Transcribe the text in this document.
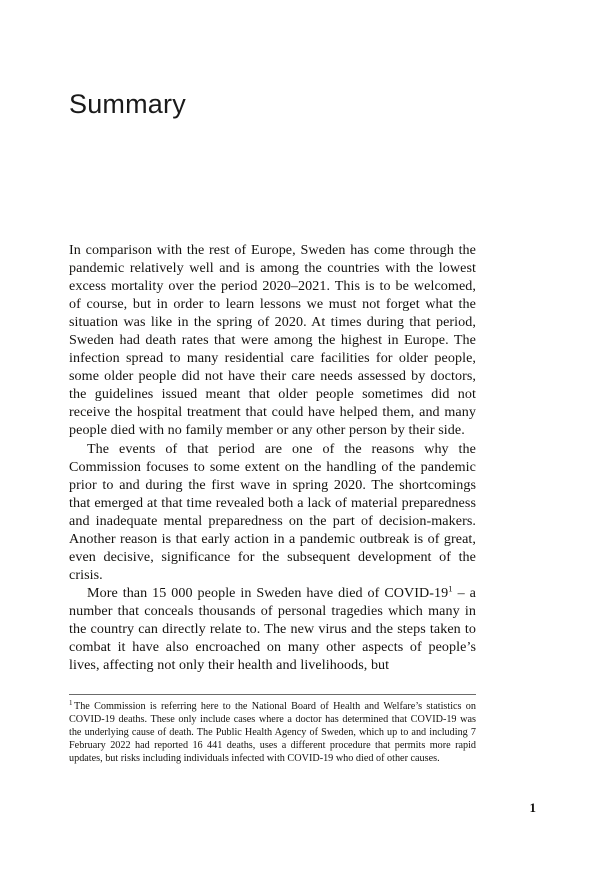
Summary

In comparison with the rest of Europe, Sweden has come through the pandemic relatively well and is among the countries with the lowest excess mortality over the period 2020–2021. This is to be welcomed, of course, but in order to learn lessons we must not forget what the situation was like in the spring of 2020. At times during that period, Sweden had death rates that were among the highest in Europe. The infection spread to many residential care facilities for older people, some older people did not have their care needs assessed by doctors, the guidelines issued meant that older people sometimes did not receive the hospital treatment that could have helped them, and many people died with no family member or any other person by their side.

The events of that period are one of the reasons why the Commission focuses to some extent on the handling of the pandemic prior to and during the first wave in spring 2020. The shortcomings that emerged at that time revealed both a lack of material preparedness and inadequate mental preparedness on the part of decision-makers. Another reason is that early action in a pandemic outbreak is of great, even decisive, significance for the subsequent development of the crisis.

More than 15 000 people in Sweden have died of COVID-19$^1$ – a number that conceals thousands of personal tragedies which many in the country can directly relate to. The new virus and the steps taken to combat it have also encroached on many other aspects of people’s lives, affecting not only their health and livelihoods, but

$^1$ The Commission is referring here to the National Board of Health and Welfare’s statistics on COVID-19 deaths. These only include cases where a doctor has determined that COVID-19 was the underlying cause of death. The Public Health Agency of Sweden, which up to and including 7 February 2022 had reported 16 441 deaths, uses a different procedure that permits more rapid updates, but risks including individuals infected with COVID-19 who died of other causes.

1
